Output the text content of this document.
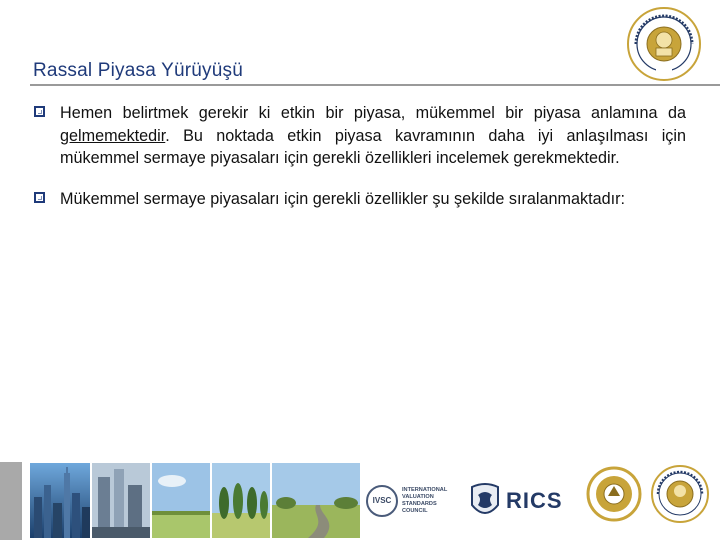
Rassal Piyasa Yürüyüşü
Hemen belirtmek gerekir ki etkin bir piyasa, mükemmel bir piyasa anlamına da gelmemektedir. Bu noktada etkin piyasa kavramının daha iyi anlaşılması için mükemmel sermaye piyasaları için gerekli özellikleri incelemek gerekmektedir.
Mükemmel sermaye piyasaları için gerekli özellikler şu şekilde sıralanmaktadır:
IVSC
INTERNATIONAL
VALUATION
STANDARDS
COUNCIL	RICS
